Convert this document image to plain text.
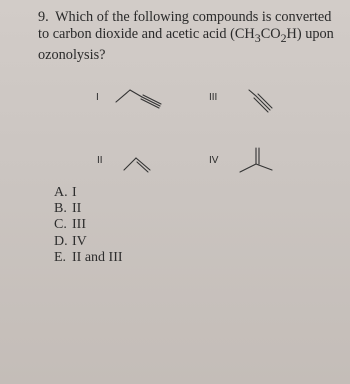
9. Which of the following compounds is converted
to carbon dioxide and acetic acid $(CH_3CO_2H)$ upon
ozonolysis?

I	III
II	IV
A. I
B. II
C. III
D. IV
E. II and III
